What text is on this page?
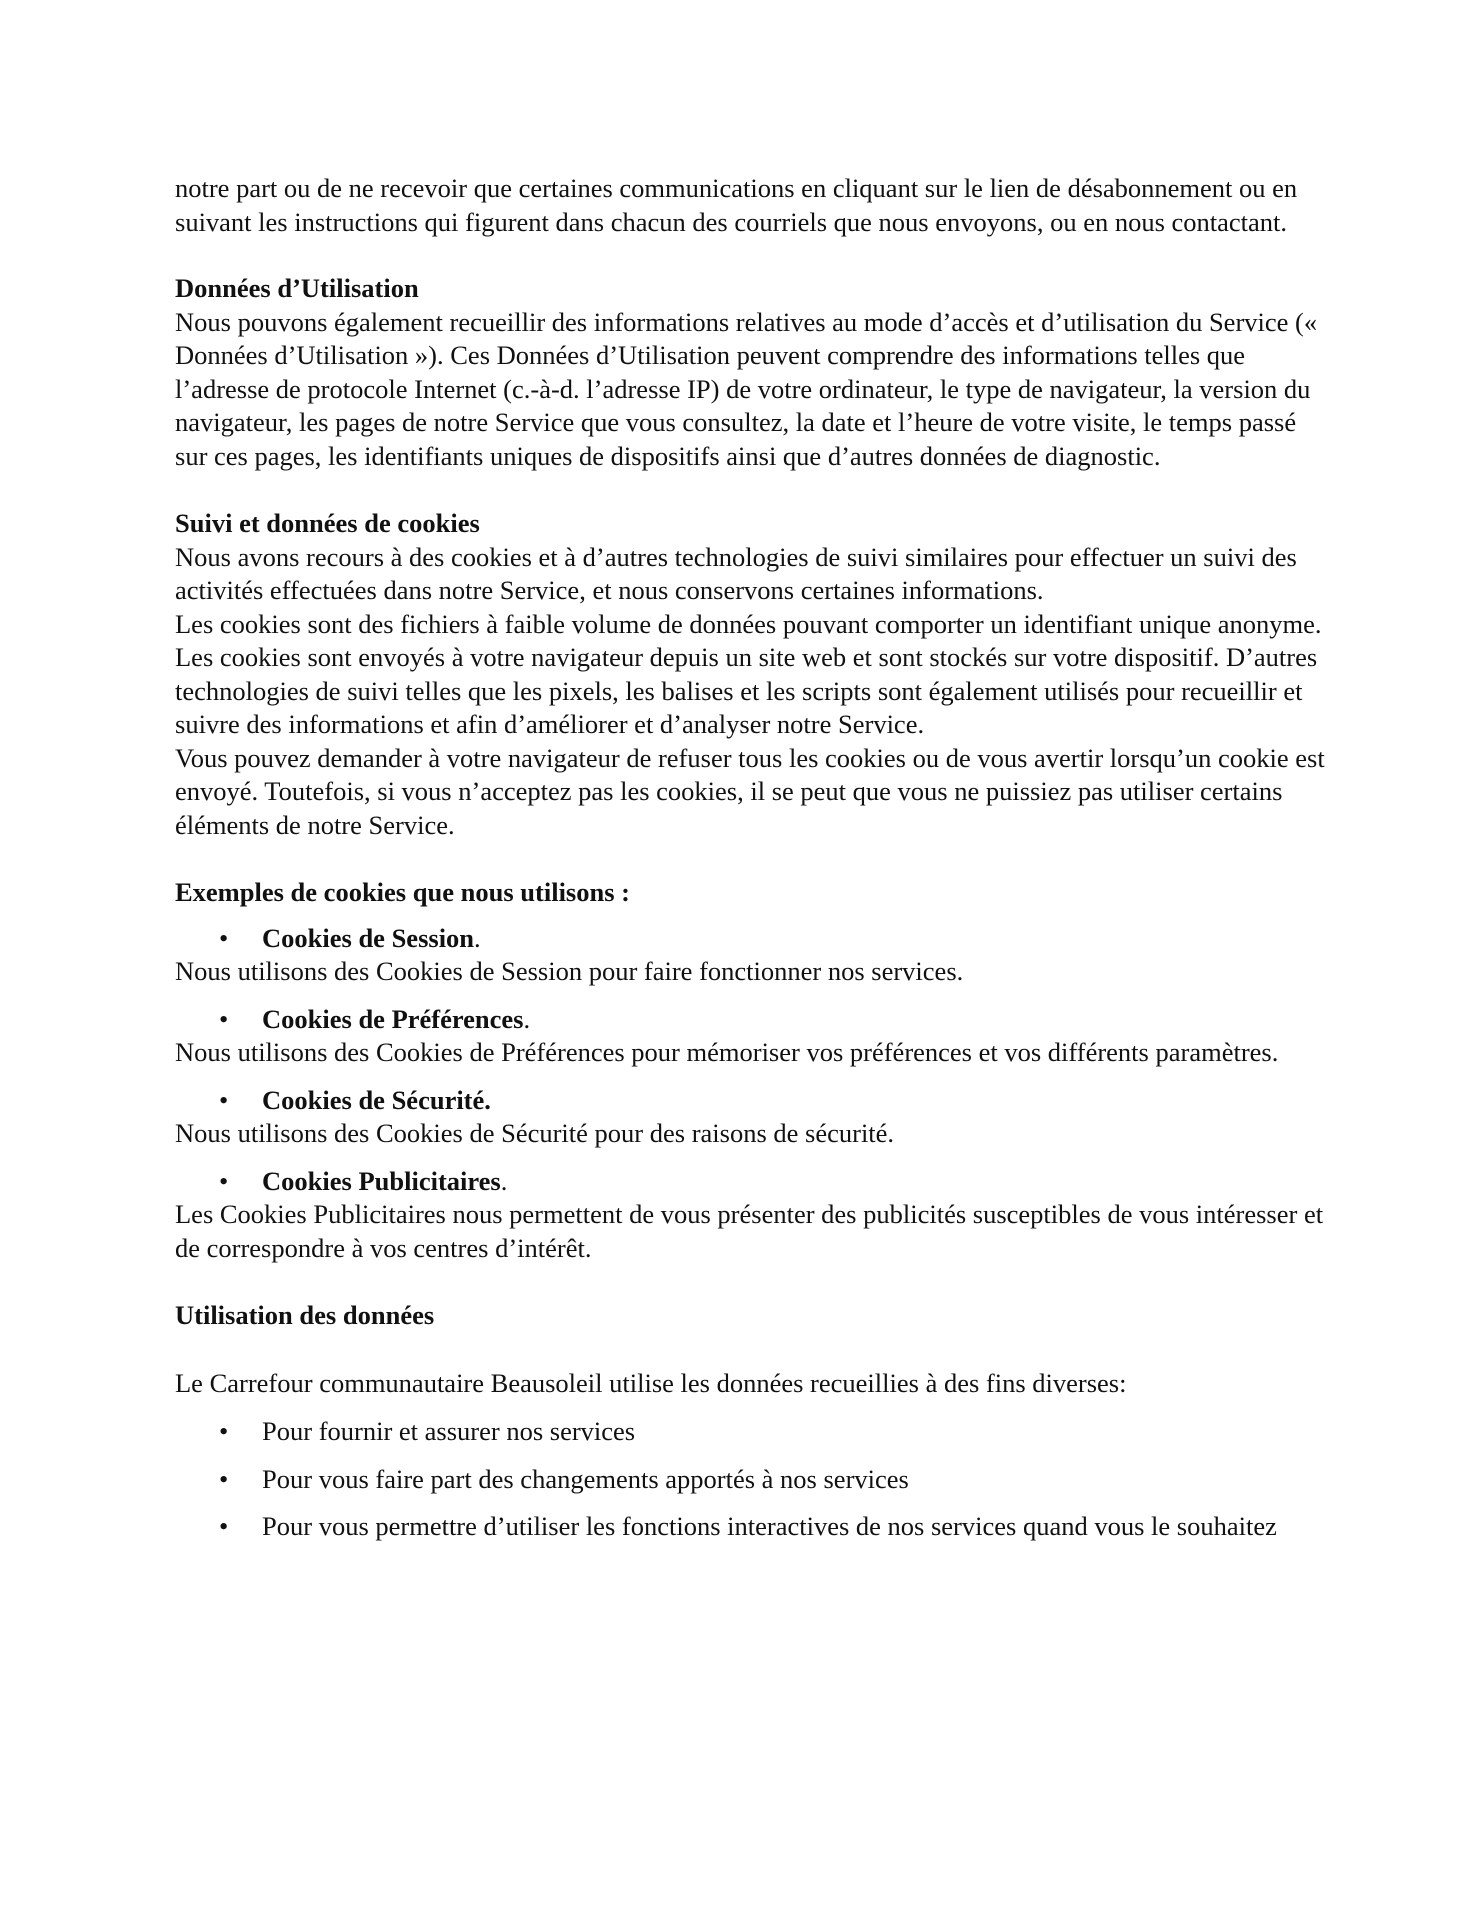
notre part ou de ne recevoir que certaines communications en cliquant sur le lien de désabonnement ou en suivant les instructions qui figurent dans chacun des courriels que nous envoyons, ou en nous contactant.

Données d’Utilisation

Nous pouvons également recueillir des informations relatives au mode d’accès et d’utilisation du Service (« Données d’Utilisation »). Ces Données d’Utilisation peuvent comprendre des informations telles que l’adresse de protocole Internet (c.-à-d. l’adresse IP) de votre ordinateur, le type de navigateur, la version du navigateur, les pages de notre Service que vous consultez, la date et l’heure de votre visite, le temps passé sur ces pages, les identifiants uniques de dispositifs ainsi que d’autres données de diagnostic.

Suivi et données de cookies

Nous avons recours à des cookies et à d’autres technologies de suivi similaires pour effectuer un suivi des activités effectuées dans notre Service, et nous conservons certaines informations.

Les cookies sont des fichiers à faible volume de données pouvant comporter un identifiant unique anonyme. Les cookies sont envoyés à votre navigateur depuis un site web et sont stockés sur votre dispositif. D’autres technologies de suivi telles que les pixels, les balises et les scripts sont également utilisés pour recueillir et suivre des informations et afin d’améliorer et d’analyser notre Service.

Vous pouvez demander à votre navigateur de refuser tous les cookies ou de vous avertir lorsqu’un cookie est envoyé. Toutefois, si vous n’acceptez pas les cookies, il se peut que vous ne puissiez pas utiliser certains éléments de notre Service.

Exemples de cookies que nous utilisons :

• Cookies de Session.

Nous utilisons des Cookies de Session pour faire fonctionner nos services.

• Cookies de Préférences.

Nous utilisons des Cookies de Préférences pour mémoriser vos préférences et vos différents paramètres.

• Cookies de Sécurité.

Nous utilisons des Cookies de Sécurité pour des raisons de sécurité.

• Cookies Publicitaires.

Les Cookies Publicitaires nous permettent de vous présenter des publicités susceptibles de vous intéresser et de correspondre à vos centres d’intérêt.

Utilisation des données

Le Carrefour communautaire Beausoleil utilise les données recueillies à des fins diverses:

• Pour fournir et assurer nos services
• Pour vous faire part des changements apportés à nos services
• Pour vous permettre d’utiliser les fonctions interactives de nos services quand vous le souhaitez
